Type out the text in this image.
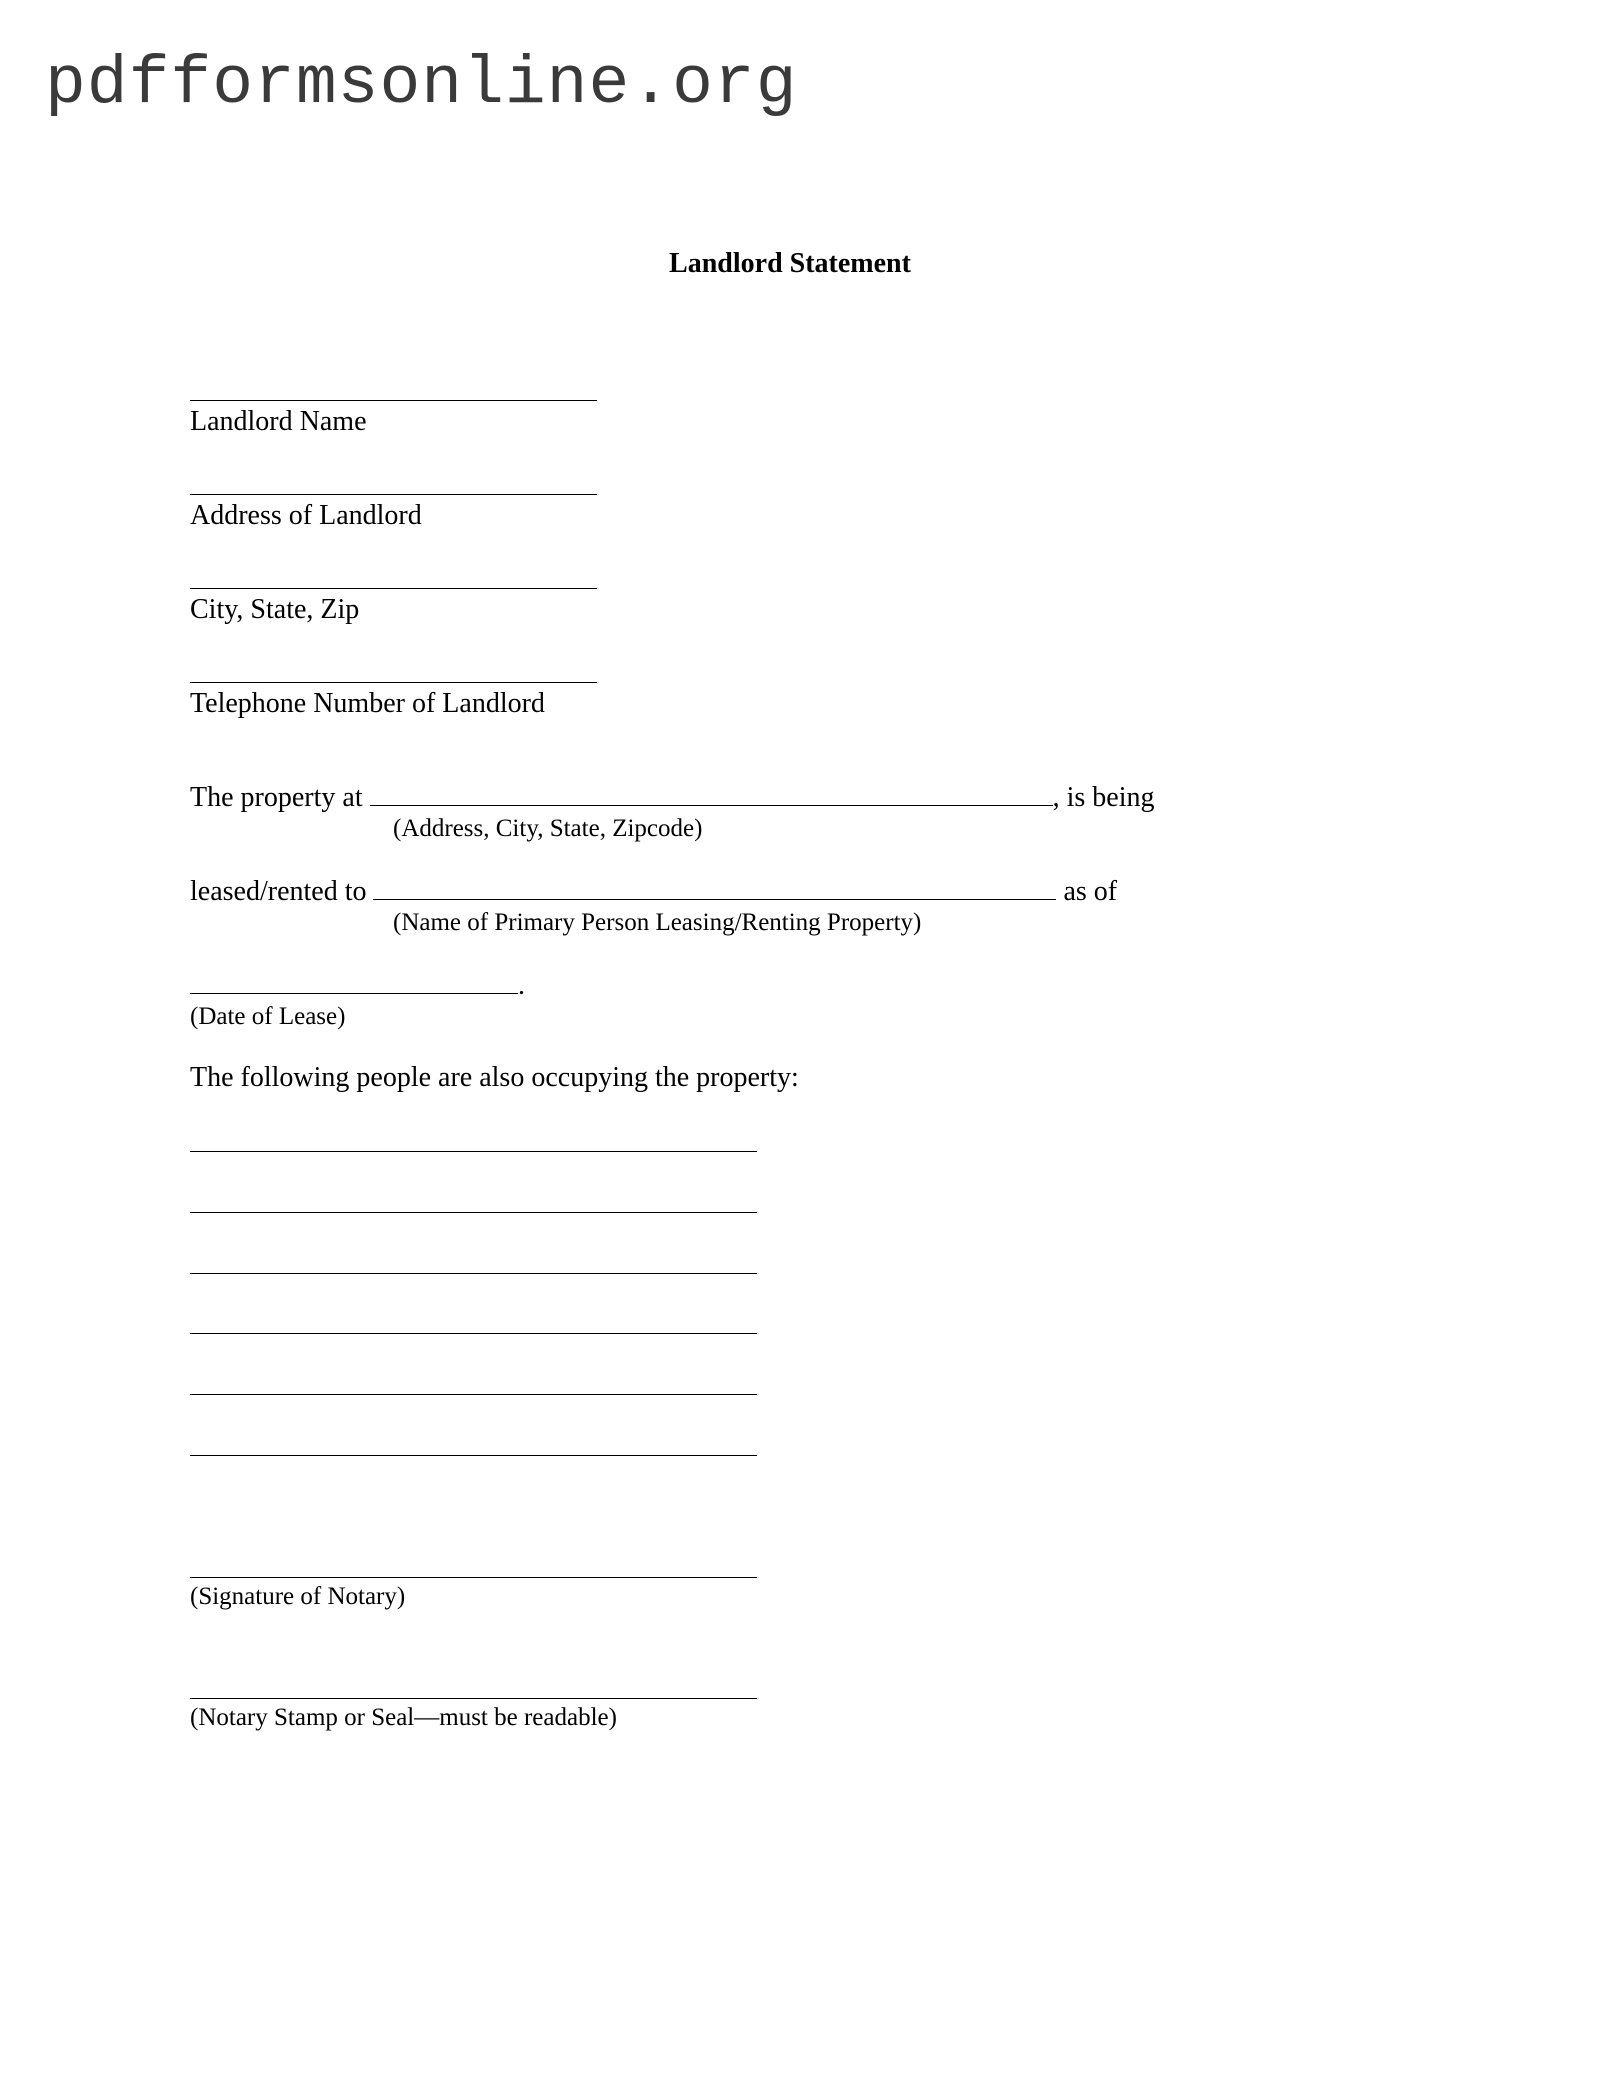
pdfformsonline.org
Landlord Statement
Landlord Name
Address of Landlord
City, State, Zip
Telephone Number of Landlord
The property at	, is being
(Address, City, State, Zipcode)
leased/rented to	as of
(Name of Primary Person Leasing/Renting Property)
.
(Date of Lease)
The following people are also occupying the property:
(Signature of Notary)
(Notary Stamp or Seal—must be readable)
